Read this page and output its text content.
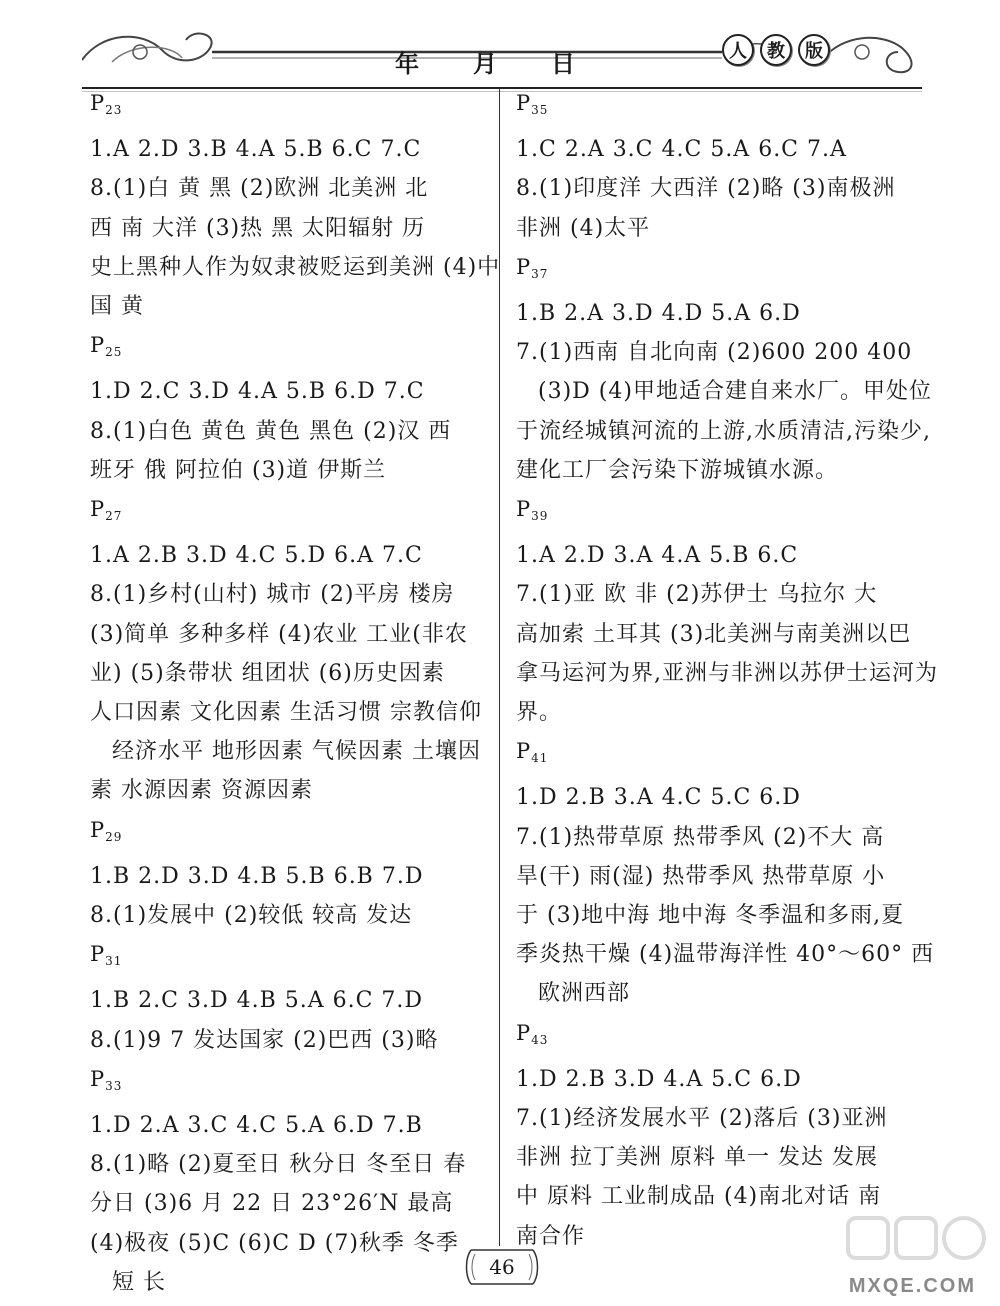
年 月 日	人	教	版
$P_{23}$
1.A 2.D 3.B 4.A 5.B 6.C 7.C
8.(1)白 黄 黑 (2)欧洲 北美洲 北
西 南 大洋 (3)热 黑 太阳辐射 历
史上黑种人作为奴隶被贬运到美洲 (4)中
国 黄
$P_{25}$
1.D 2.C 3.D 4.A 5.B 6.D 7.C
8.(1)白色 黄色 黄色 黑色 (2)汉 西
班牙 俄 阿拉伯 (3)道 伊斯兰
$P_{27}$
1.A 2.B 3.D 4.C 5.D 6.A 7.C
8.(1)乡村(山村) 城市 (2)平房 楼房
(3)简单 多种多样 (4)农业 工业(非农
业) (5)条带状 组团状 (6)历史因素
人口因素 文化因素 生活习惯 宗教信仰
经济水平 地形因素 气候因素 土壤因
素 水源因素 资源因素
$P_{29}$
1.B 2.D 3.D 4.B 5.B 6.B 7.D
8.(1)发展中 (2)较低 较高 发达
$P_{31}$
1.B 2.C 3.D 4.B 5.A 6.C 7.D
8.(1)9 7 发达国家 (2)巴西 (3)略
$P_{33}$
1.D 2.A 3.C 4.C 5.A 6.D 7.B
8.(1)略 (2)夏至日 秋分日 冬至日 春
分日 (3)6 月 22 日 23°26′N 最高
(4)极夜 (5)C (6)C D (7)秋季 冬季
短 长
$P_{35}$
1.C 2.A 3.C 4.C 5.A 6.C 7.A
8.(1)印度洋 大西洋 (2)略 (3)南极洲
非洲 (4)太平
$P_{37}$
1.B 2.A 3.D 4.D 5.A 6.D
7.(1)西南 自北向南 (2)600 200 400
(3)D (4)甲地适合建自来水厂。甲处位
于流经城镇河流的上游,水质清洁,污染少,
建化工厂会污染下游城镇水源。
$P_{39}$
1.A 2.D 3.A 4.A 5.B 6.C
7.(1)亚 欧 非 (2)苏伊士 乌拉尔 大
高加索 土耳其 (3)北美洲与南美洲以巴
拿马运河为界,亚洲与非洲以苏伊士运河为
界。
$P_{41}$
1.D 2.B 3.A 4.C 5.C 6.D
7.(1)热带草原 热带季风 (2)不大 高
旱(干) 雨(湿) 热带季风 热带草原 小
于 (3)地中海 地中海 冬季温和多雨,夏
季炎热干燥 (4)温带海洋性 40°～60° 西
欧洲西部
$P_{43}$
1.D 2.B 3.D 4.A 5.C 6.D
7.(1)经济发展水平 (2)落后 (3)亚洲
非洲 拉丁美洲 原料 单一 发达 发展
中 原料 工业制成品 (4)南北对话 南
南合作
46
MXQE.COM
